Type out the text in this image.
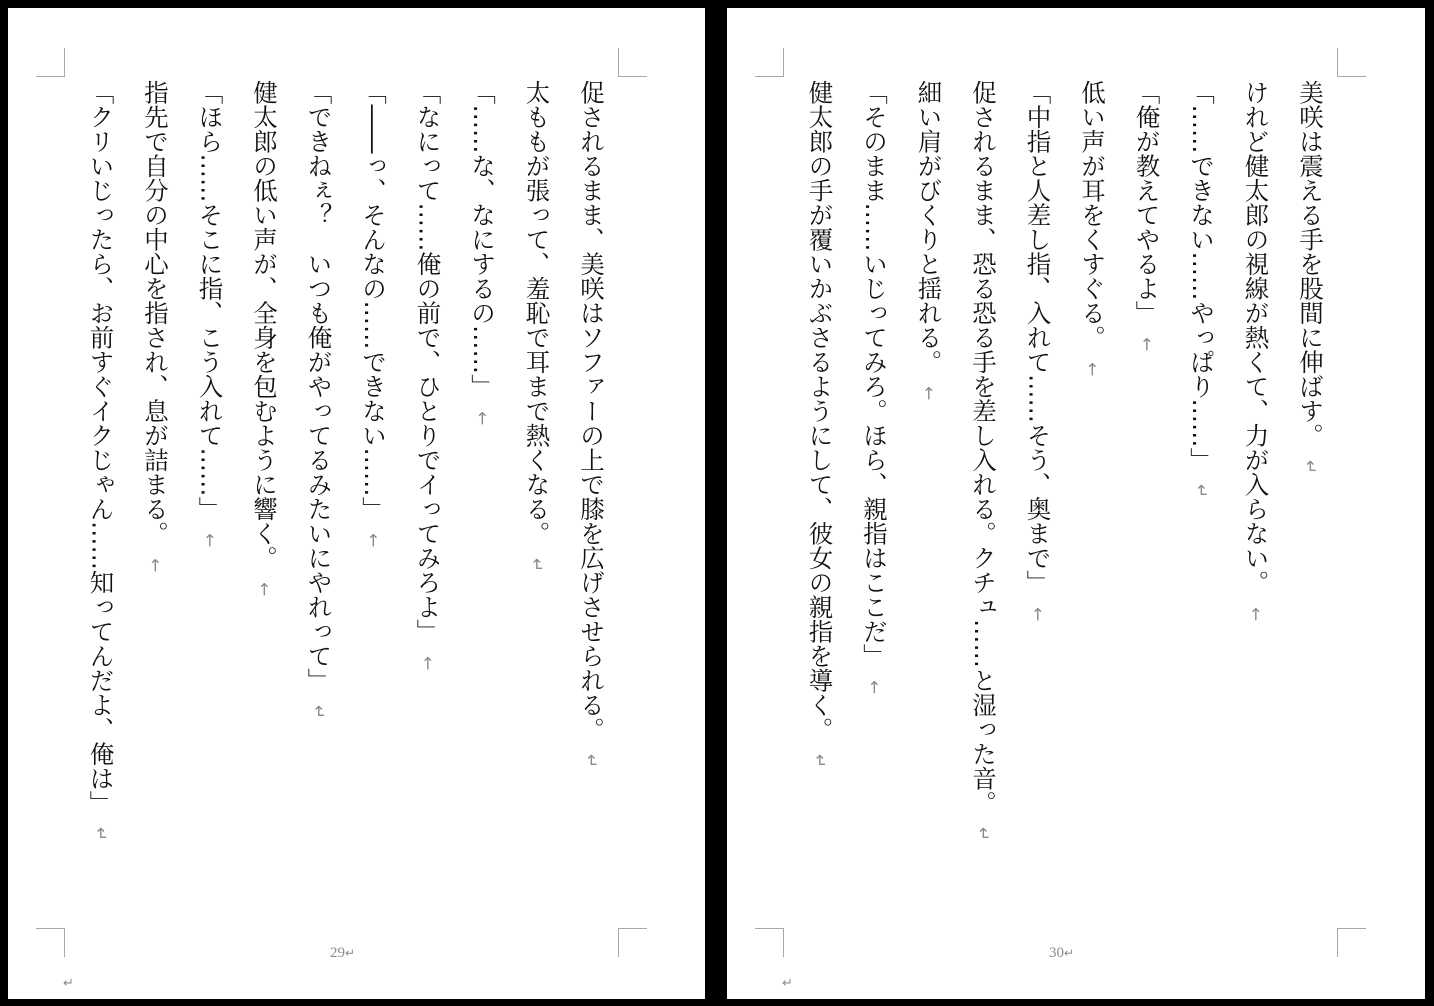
促されるまま、美咲はソファーの上で膝を広げさせられる。↵

太ももが張って、羞恥で耳まで熱くなる。↵

「……な、なにするの……」←

「なにって……俺の前で、ひとりでイってみろよ」←

「――っ、そんなの……できない……」←

「できねぇ？　いつも俺がやってるみたいにやれって」↵

健太郎の低い声が、全身を包むように響く。←

「ほら……そこに指、こう入れて……」←

指先で自分の中心を指され、息が詰まる。←

「クリいじったら、お前すぐイクじゃん……知ってんだよ、俺は」↵

29↵
↵

美咲は震える手を股間に伸ばす。↵

けれど健太郎の視線が熱くて、力が入らない。←

「……できない……やっぱり……」↵

「俺が教えてやるよ」←

低い声が耳をくすぐる。←

「中指と人差し指、入れて……そう、奥まで」←

促されるまま、恐る恐る手を差し入れる。クチュ……と湿った音。↵

細い肩がびくりと揺れる。←

「そのまま……いじってみろ。ほら、親指はここだ」←

健太郎の手が覆いかぶさるようにして、彼女の親指を導く。↵

30↵
↵
